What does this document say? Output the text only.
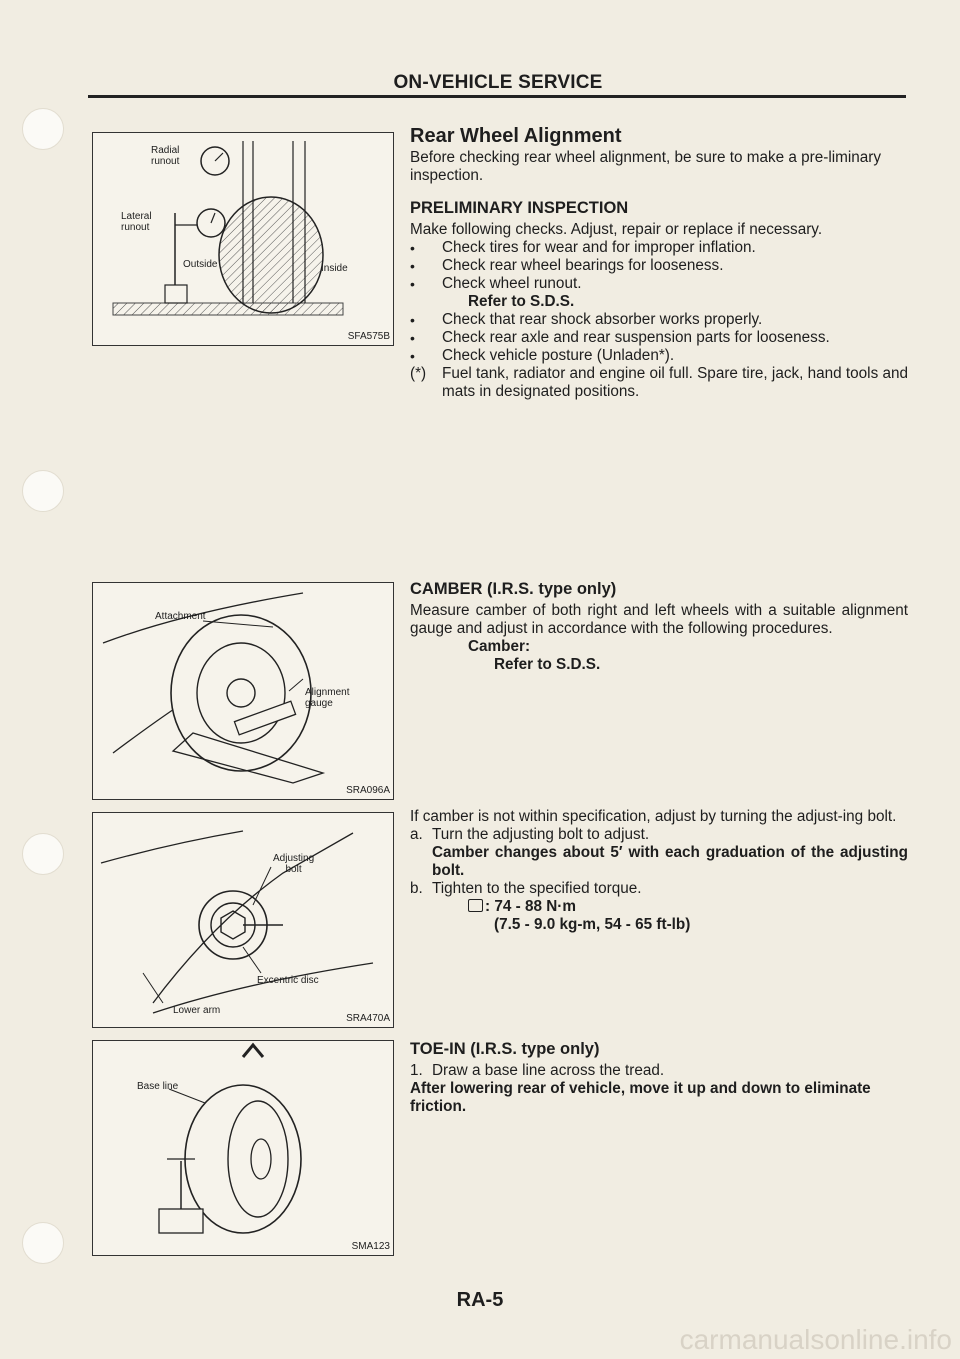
ON-VEHICLE SERVICE
Radial
runout
Lateral
runout
Outside	Inside
SFA575B
Attachment
Alignment
gauge
SRA096A
Adjusting
bolt
Excentric disc
Lower arm
SRA470A
Base line
SMA123
Rear Wheel Alignment

Before checking rear wheel alignment, be sure to make a pre-liminary inspection.

PRELIMINARY INSPECTION

Make following checks. Adjust, repair or replace if necessary.

• Check tires for wear and for improper inflation.
• Check rear wheel bearings for looseness.
• Check wheel runout.
Refer to S.D.S.
• Check that rear shock absorber works properly.
• Check rear axle and rear suspension parts for looseness.
• Check vehicle posture (Unladen*).
(*) Fuel tank, radiator and engine oil full. Spare tire, jack, hand tools and mats in designated positions.
CAMBER (I.R.S. type only)

Measure camber of both right and left wheels with a suitable alignment gauge and adjust in accordance with the following procedures.

Camber:
Refer to S.D.S.

If camber is not within specification, adjust by turning the adjust-ing bolt.

a. Turn the adjusting bolt to adjust.
Camber changes about 5′ with each graduation of the adjusting bolt.
b. Tighten to the specified torque.
: 74 - 88 N·m
(7.5 - 9.0 kg-m, 54 - 65 ft-lb)
TOE-IN (I.R.S. type only)
1. Draw a base line across the tread.

After lowering rear of vehicle, move it up and down to eliminate friction.

RA-5
carmanualsonline.info
